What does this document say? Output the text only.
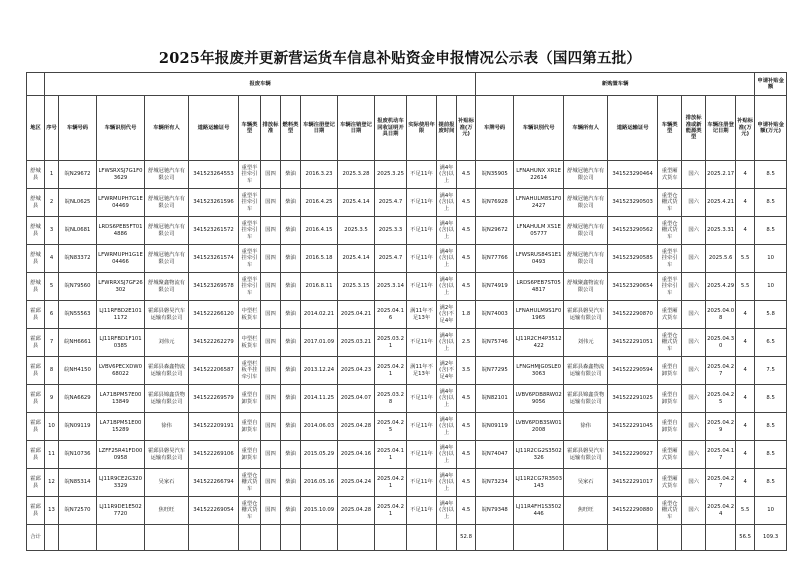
2025年报废并更新营运货车信息补贴资金申报情况公示表（国四第五批）
	报废车辆														新购置车辆								申请补贴金额
地区	序号	车辆号码	车辆识别代号	车辆所有人	道路运输证号	车辆类型	排放标准	燃料类型	车辆注册登记日期	车辆注销登记日期	报废机动车回收证明开具日期	实际使用年限	提前报废时间	补贴标准(万元)	车牌号码	车辆识别代号	车辆所有人	道路运输证号	车辆类型	排放标准或新能源类型	车辆注册登记日期	补贴标准(万元)	申请补贴金额(万元)
舒城县	1	皖N29672	LFWSRXSJ7G1F03629	舒城冠驰汽车有限公司	341523264553	重型半挂牵引车	国四	柴油	2016.3.23	2025.3.28	2025.3.25	不足11年	满4年(含)以上	4.5	皖N35905	LFNAHUNX XR1E22614	舒城冠驰汽车有限公司	341523290464	重型厢式货车	国六	2025.2.17	4	8.5
舒城县	2	皖NL0625	LFWRMUPH7G1E04469	舒城冠驰汽车有限公司	341523261596	重型半挂牵引车	国四	柴油	2016.4.25	2025.4.14	2025.4.7	不足11年	满4年(含)以上	4.5	皖N76928	LFNAHULM8S1F02427	舒城冠驰汽车有限公司	341523290503	重型仓栅式货车	国六	2025.4.21	4	8.5
舒城县	3	皖NL0681	LRDS6PEB5FT014886	舒城冠驰汽车有限公司	341523261572	重型半挂牵引车	国四	柴油	2016.4.15	2025.3.5	2025.3.3	不足11年	满4年(含)以上	4.5	皖N29672	LFNAHULM XS1E05777	舒城冠驰汽车有限公司	341523290562	重型仓栅式货车	国六	2025.3.31	4	8.5
舒城县	4	皖N83372	LFWRMUPH1G1E04466	舒城冠驰汽车有限公司	341523261574	重型半挂牵引车	国四	柴油	2016.5.18	2025.4.14	2025.4.7	不足11年	满4年(含)以上	4.5	皖N77766	LFWSRUS84S1E10493	舒城冠驰汽车有限公司	341523290585	重型半挂牵引车	国六	2025.5.6	5.5	10
舒城县	5	皖N79560	LFWRRXSJ7GF26302	舒城聚鑫物流有限公司	341523269578	重型半挂牵引车	国四	柴油	2016.8.11	2025.3.15	2025.3.14	不足11年	满4年(含)以上	4.5	皖N74919	LRDS6PEB7ST054817	舒城聚鑫物流有限公司	341523290654	重型半挂牵引车	国六	2025.4.29	5.5	10
霍邱县	6	皖N55563	LJ11RFBD2E1011172	霍邱县磐昊汽车运输有限公司	341522266120	中型栏板货车	国四	柴油	2014.02.21	2025.04.21	2025.04.16	满11年不足13年	满2年(含)不足4年	1.8	皖N74003	LFNAHULM9S1F01965	霍邱县磐昊汽车运输有限公司	341522290870	重型厢式货车	国六	2025.04.08	4	5.8
霍邱县	7	皖NH6661	LJ11RFBD1F1010385	刘伟元	341522262279	中型栏板货车	国四	柴油	2017.01.09	2025.03.21	2025.03.21	不足11年	满4年(含)以上	2.5	皖N75746	LJ11R2CH4P3512422	刘伟元	341522291051	重型仓栅式货车	国六	2025.04.30	4	6.5
霍邱县	8	皖NH4150	LVBV6PECXDW068022	霍邱县森鑫物流运输有限公司	341522206587	重型栏板半挂牵引车	国四	柴油	2013.12.24	2025.04.23	2025.04.21	满11年不足13年	满2年(含)不足4年	3.5	皖N77295	LFNGHMJG0SLE03063	霍邱县森鑫物流运输有限公司	341522290594	重型自卸货车	国六	2025.04.27	4	7.5
霍邱县	9	皖NA6629	LA71BPM57E0013849	霍邱县锦鑫货物运输有限公司	341522269579	重型自卸货车	国四	柴油	2014.11.25	2025.04.07	2025.03.28	不足11年	满4年(含)以上	4.5	皖N82101	LVBV6PDB8RW029056	霍邱县锦鑫货物运输有限公司	341522291025	重型自卸货车	国六	2025.04.25	4	8.5
霍邱县	10	皖N09119	LA71BPM51E0015289	徐伟	341522209191	重型自卸货车	国四	柴油	2014.06.03	2025.04.28	2025.04.25	不足11年	满4年(含)以上	4.5	皖N09119	LVBV6PDB3SW012008	徐伟	341522291045	重型自卸货车	国六	2025.04.29	4	8.5
霍邱县	11	皖N10736	LZFF25R41FD000958	霍邱县磐昊汽车运输有限公司	341522269106	重型自卸货车	国四	柴油	2015.05.29	2025.04.16	2025.04.11	不足11年	满4年(含)以上	4.5	皖N74047	LJ11R2CG2S3502326	霍邱县磐昊汽车运输有限公司	341522290927	重型厢式货车	国六	2025.04.17	4	8.5
霍邱县	12	皖N85314	LJ11R9CE2G3203329	吴家石	341522266794	重型仓栅式货车	国四	柴油	2016.05.16	2025.04.24	2025.04.21	不足11年	满4年(含)以上	4.5	皖N73234	LJ11R2CG7R3503143	吴家石	341522291017	重型厢式货车	国六	2025.04.27	4	8.5
霍邱县	13	皖N72570	LJ11R9DE1E5027720	焦旺旺	341522269054	重型仓栅式货车	国四	柴油	2015.10.09	2025.04.28	2025.04.21	不足11年	满4年(含)以上	4.5	皖N79348	LJ11R4FH1S3502446	焦旺旺	341522290880	重型仓栅式货车	国六	2025.04.24	5.5	10
合计														52.8								56.5	109.3
